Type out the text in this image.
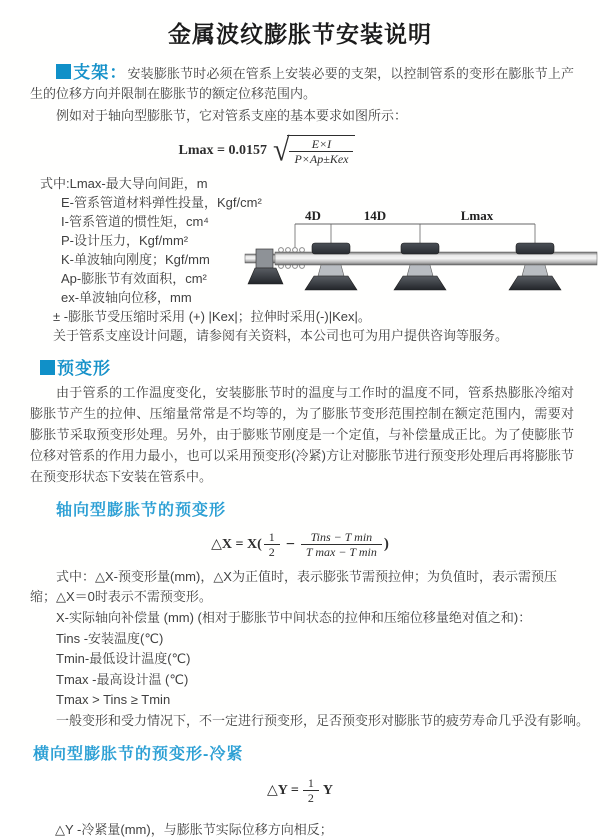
金属波纹膨胀节安装说明

支架：安装膨胀节时必须在管系上安装必要的支架，以控制管系的变形在膨胀节上产生的位移方向并限制在膨胀节的额定位移范围内。

例如对于轴向型膨胀节，它对管系支座的基本要求如图所示：

Lmax = 0.0157 √ $\frac{E\times I}{\text{P×Ap±Kex}}$
式中:Lmax-最大导向间距，m
E-管系管道材料弹性投量，Kgf/cm²
I-管系管道的惯性矩，cm⁴
P-设计压力，Kgf/mm²
K-单波轴向刚度；Kgf/mm
Ap-膨胀节有效面积，cm²
ex-单波轴向位移，mm
± -膨胀节受压缩时采用 (+) |Kex|；拉伸时采用(-)|Kex|。
关于管系支座设计问题，请参阅有关资料，本公司也可为用户提供咨询等服务。
4D	14D	Lmax
预变形

由于管系的工作温度变化，安装膨胀节时的温度与工作时的温度不同，管系热膨胀冷缩对膨胀节产生的拉伸、压缩量常常是不均等的，为了膨胀节变形范围控制在额定范围内，需要对膨胀节采取预变形处理。另外，由于膨账节刚度是一个定值，与补偿量成正比。为了使膨胀节位移对管系的作用力最小，也可以采用预变形(冷紧)方让对膨胀节进行预变形处理后再将膨胀节在预变形状态下安装在管系中。

轴向型膨胀节的预变形
△X = $X( \frac{1}{2} - \frac{\text{Tins − T min}}{\text{T max − T min}}$ )

式中：△X-预变形量(mm)，△X为正值时，表示膨张节需预拉伸；为负值时，表示需预压缩；△X＝0时表示不需预变形。

X-实际轴向补偿量 (mm) (相对于膨胀节中间状态的拉伸和压缩位移量绝对值之和)：
Tins -安装温度(℃)
Tmin-最低设计温度(℃)
Tmax -最高设计温 (℃)
Tmax > Tins ≥ Tmin
一般变形和受力情况下，不一定进行预变形，足否预变形对膨胀节的疲劳寿命几乎没有影响。
横向型膨胀节的预变形-冷紧
△Y = $\frac{1}{2}$ Y

△Y -冷紧量(mm)，与膨胀节实际位移方向相反；
